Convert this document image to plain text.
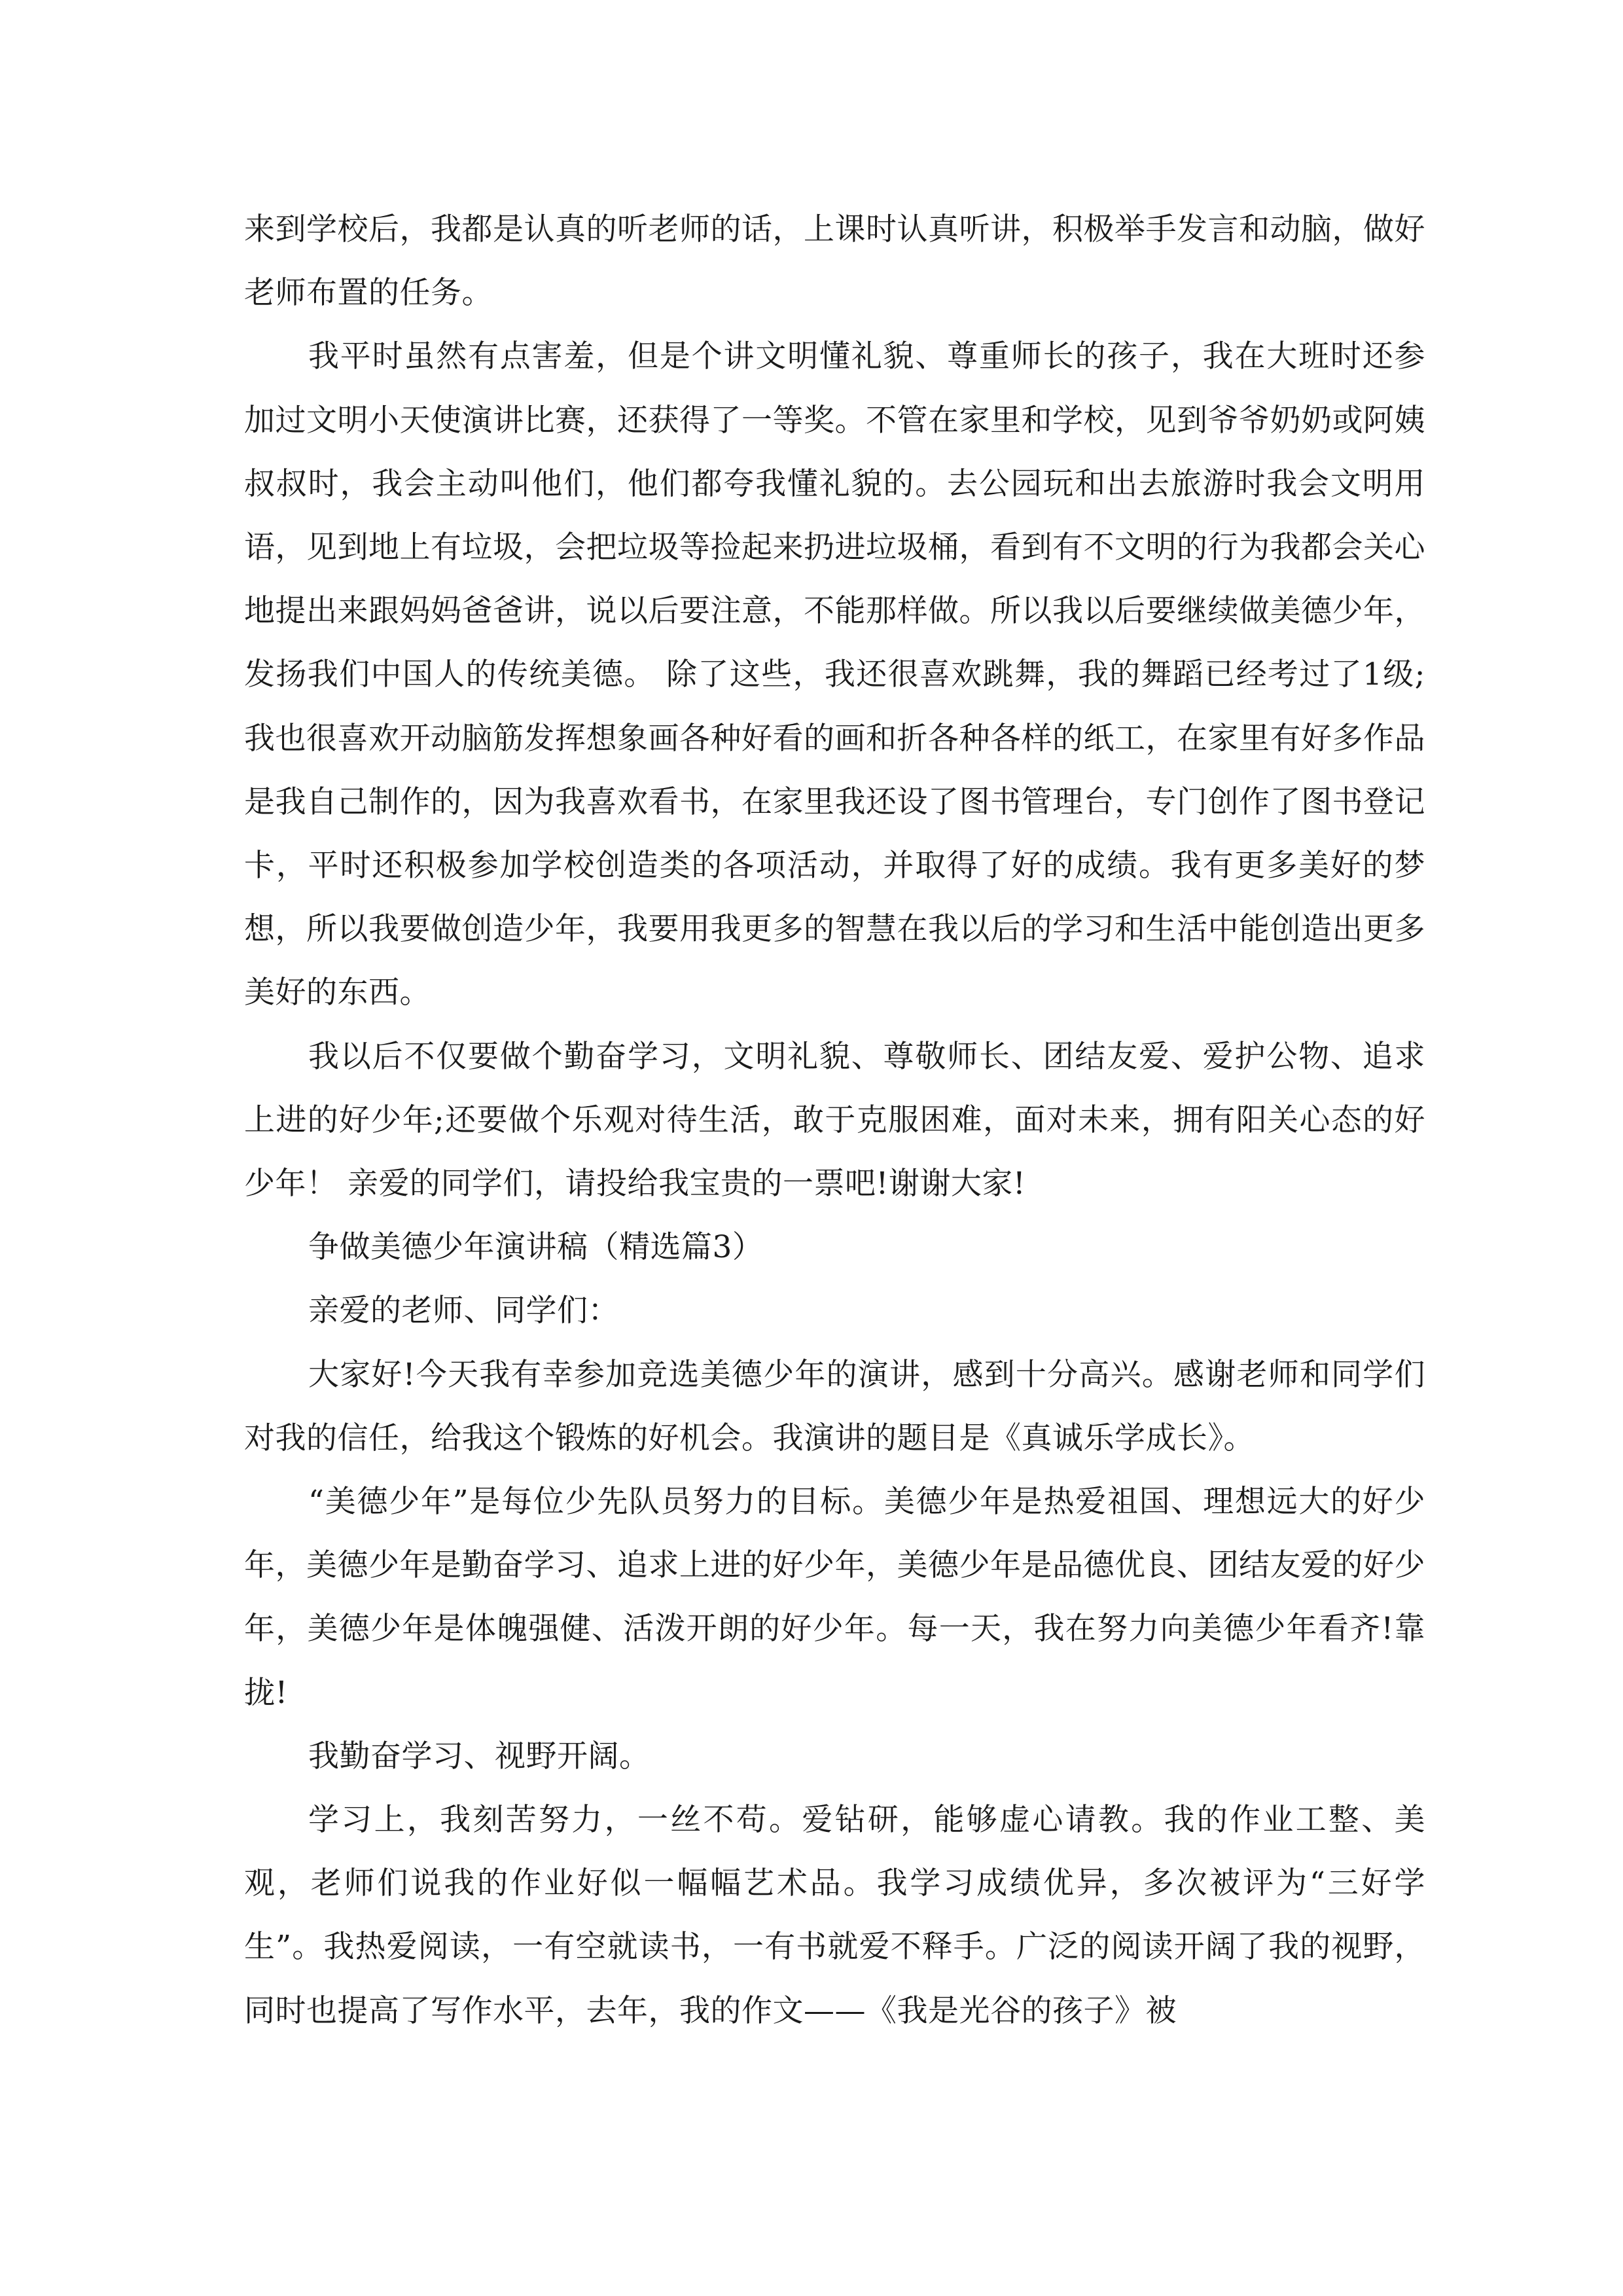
来到学校后，我都是认真的听老师的话，上课时认真听讲，积极举手发言和动脑，做好老师布置的任务。

我平时虽然有点害羞，但是个讲文明懂礼貌、尊重师长的孩子，我在大班时还参加过文明小天使演讲比赛，还获得了一等奖。不管在家里和学校，见到爷爷奶奶或阿姨叔叔时，我会主动叫他们，他们都夸我懂礼貌的。去公园玩和出去旅游时我会文明用语，见到地上有垃圾，会把垃圾等捡起来扔进垃圾桶，看到有不文明的行为我都会关心地提出来跟妈妈爸爸讲，说以后要注意，不能那样做。所以我以后要继续做美德少年，发扬我们中国人的传统美德。 除了这些，我还很喜欢跳舞，我的舞蹈已经考过了1级;我也很喜欢开动脑筋发挥想象画各种好看的画和折各种各样的纸工，在家里有好多作品是我自己制作的，因为我喜欢看书，在家里我还设了图书管理台，专门创作了图书登记卡，平时还积极参加学校创造类的各项活动，并取得了好的成绩。我有更多美好的梦想，所以我要做创造少年，我要用我更多的智慧在我以后的学习和生活中能创造出更多美好的东西。

我以后不仅要做个勤奋学习，文明礼貌、尊敬师长、团结友爱、爱护公物、追求上进的好少年;还要做个乐观对待生活，敢于克服困难，面对未来，拥有阳关心态的好少年！ 亲爱的同学们，请投给我宝贵的一票吧!谢谢大家!

争做美德少年演讲稿（精选篇3）

亲爱的老师、同学们：

大家好!今天我有幸参加竞选美德少年的演讲，感到十分高兴。感谢老师和同学们对我的信任，给我这个锻炼的好机会。我演讲的题目是《真诚乐学成长》。

“美德少年”是每位少先队员努力的目标。美德少年是热爱祖国、理想远大的好少年，美德少年是勤奋学习、追求上进的好少年，美德少年是品德优良、团结友爱的好少年，美德少年是体魄强健、活泼开朗的好少年。每一天，我在努力向美德少年看齐!靠拢!

我勤奋学习、视野开阔。

学习上，我刻苦努力，一丝不苟。爱钻研，能够虚心请教。我的作业工整、美观，老师们说我的作业好似一幅幅艺术品。我学习成绩优异，多次被评为“三好学生”。我热爱阅读，一有空就读书，一有书就爱不释手。广泛的阅读开阔了我的视野，同时也提高了写作水平，去年，我的作文——《我是光谷的孩子》被
